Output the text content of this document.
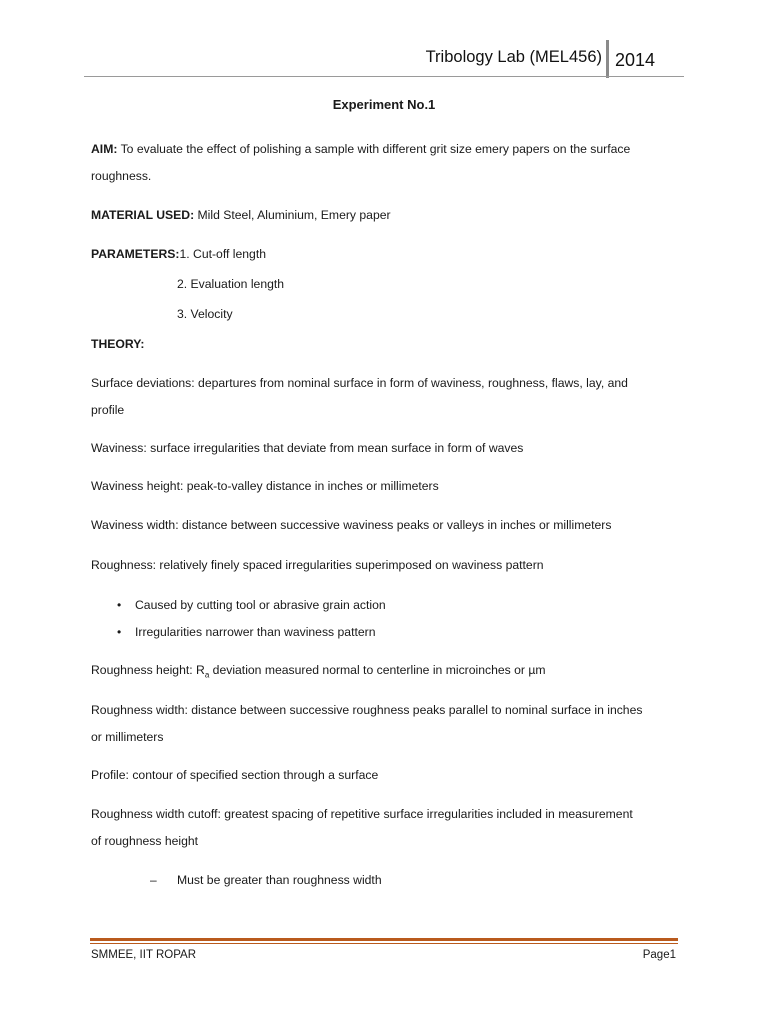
Tribology Lab (MEL456) 2014
Experiment No.1
AIM: To evaluate the effect of polishing a sample with different grit size emery papers on the surface
roughness.
MATERIAL USED: Mild Steel, Aluminium, Emery paper
PARAMETERS:1. Cut-off length
2. Evaluation length
3. Velocity
THEORY:
Surface deviations: departures from nominal surface in form of waviness, roughness, flaws, lay, and
profile
Waviness: surface irregularities that deviate from mean surface in form of waves
Waviness height: peak-to-valley distance in inches or millimeters
Waviness width: distance between successive waviness peaks or valleys in inches or millimeters
Roughness: relatively finely spaced irregularities superimposed on waviness pattern
• Caused by cutting tool or abrasive grain action
• Irregularities narrower than waviness pattern
Roughness height: $R_a$ deviation measured normal to centerline in microinches or µm
Roughness width: distance between successive roughness peaks parallel to nominal surface in inches
or millimeters
Profile: contour of specified section through a surface
Roughness width cutoff: greatest spacing of repetitive surface irregularities included in measurement
of roughness height
– Must be greater than roughness width
SMMEE, IIT ROPAR	Page1
